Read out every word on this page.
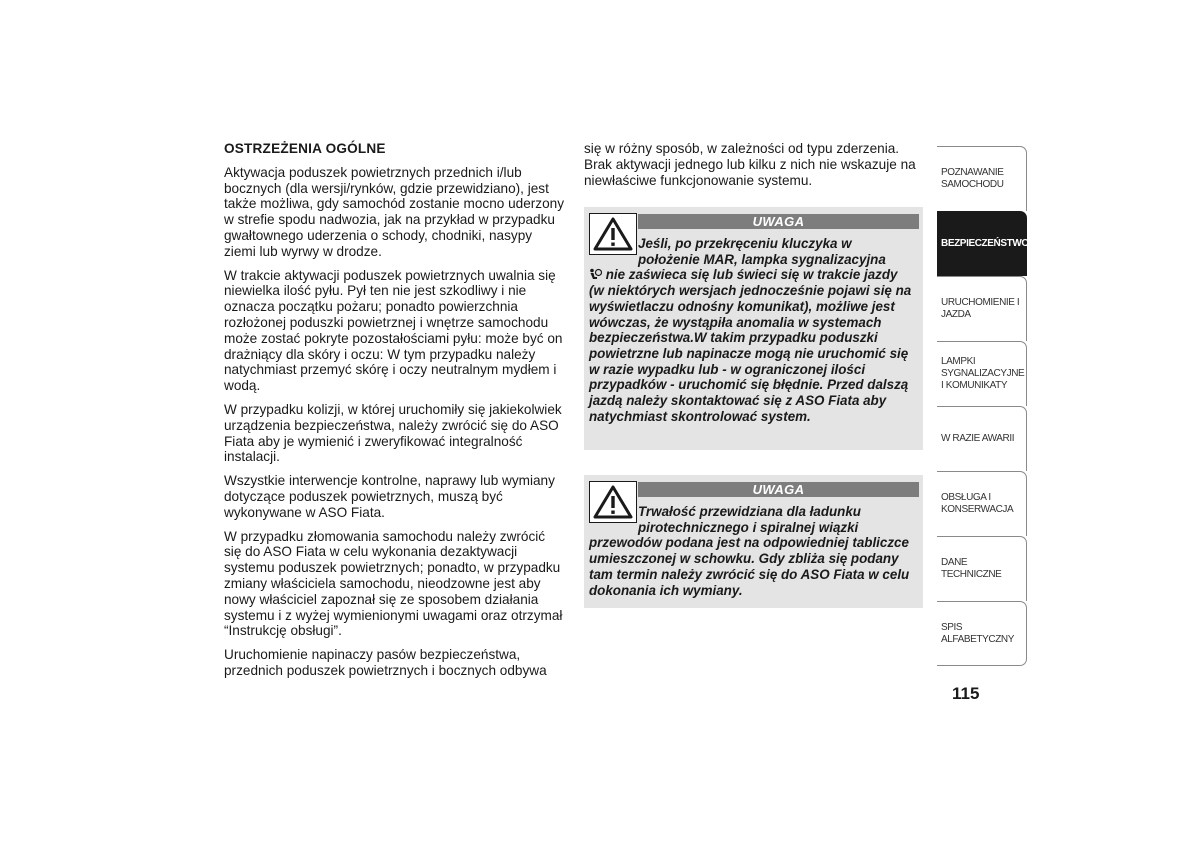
OSTRZEŻENIA OGÓLNE

Aktywacja poduszek powietrznych przednich i/lub bocznych (dla wersji/rynków, gdzie przewidziano), jest także możliwa, gdy samochód zostanie mocno uderzony w strefie spodu nadwozia, jak na przykład w przypadku gwałtownego uderzenia o schody, chodniki, nasypy ziemi lub wyrwy w drodze.

W trakcie aktywacji poduszek powietrznych uwalnia się niewielka ilość pyłu. Pył ten nie jest szkodliwy i nie oznacza początku pożaru; ponadto powierzchnia rozłożonej poduszki powietrznej i wnętrze samochodu może zostać pokryte pozostałościami pyłu: może być on drażniący dla skóry i oczu: W tym przypadku należy natychmiast przemyć skórę i oczy neutralnym mydłem i wodą.

W przypadku kolizji, w której uruchomiły się jakiekolwiek urządzenia bezpieczeństwa, należy zwrócić się do ASO Fiata aby je wymienić i zweryfikować integralność instalacji.

Wszystkie interwencje kontrolne, naprawy lub wymiany dotyczące poduszek powietrznych, muszą być wykonywane w ASO Fiata.

W przypadku złomowania samochodu należy zwrócić się do ASO Fiata w celu wykonania dezaktywacji systemu poduszek powietrznych; ponadto, w przypadku zmiany właściciela samochodu, nieodzowne jest aby nowy właściciel zapoznał się ze sposobem działania systemu i z wyżej wymienionymi uwagami oraz otrzymał “Instrukcję obsługi”.

Uruchomienie napinaczy pasów bezpieczeństwa, przednich poduszek powietrznych i bocznych odbywa

się w różny sposób, w zależności od typu zderzenia. Brak aktywacji jednego lub kilku z nich nie wskazuje na niewłaściwe funkcjonowanie systemu.

UWAGA
Jeśli, po przekręceniu kluczyka w
położenie MAR, lampka sygnalizacyjna
nie zaświeca się lub świeci się w trakcie jazdy
(w niektórych wersjach jednocześnie pojawi się na wyświetlaczu odnośny komunikat), możliwe jest wówczas, że wystąpiła anomalia w systemach bezpieczeństwa.W takim przypadku poduszki powietrzne lub napinacze mogą nie uruchomić się w razie wypadku lub - w ograniczonej ilości przypadków - uruchomić się błędnie. Przed dalszą jazdą należy skontaktować się z ASO Fiata aby natychmiast skontrolować system.
UWAGA
Trwałość przewidziana dla ładunku
pirotechnicznego i spiralnej wiązki
przewodów podana jest na odpowiedniej tabliczce umieszczonej w schowku. Gdy zbliża się podany tam termin należy zwrócić się do ASO Fiata w celu dokonania ich wymiany.
POZNAWANIE SAMOCHODU
BEZPIECZEŃSTWO
URUCHOMIENIE I JAZDA
LAMPKI SYGNALIZACYJNE I KOMUNIKATY
W RAZIE AWARII
OBSŁUGA I KONSERWACJA
DANE TECHNICZNE
SPIS ALFABETYCZNY
115
